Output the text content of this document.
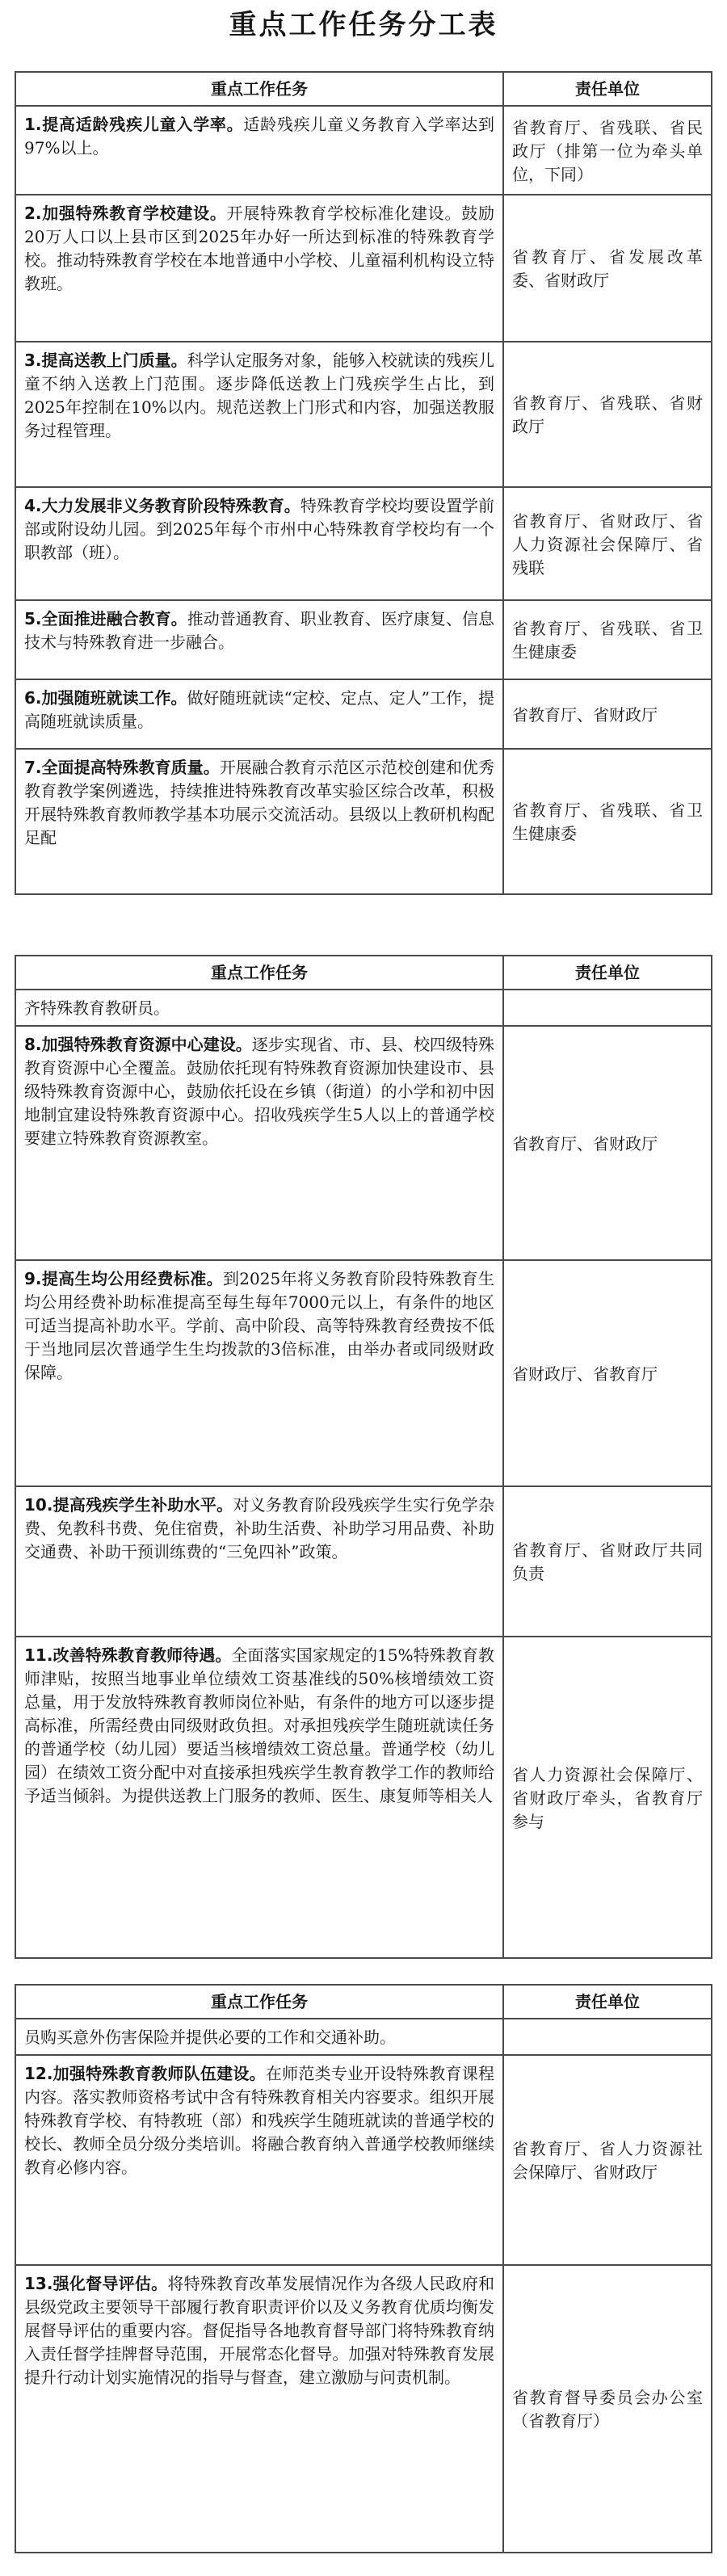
重点工作任务分工表
重点工作任务	责任单位
1.提高适龄残疾儿童入学率。适龄残疾儿童义务教育入学率达到97%以上。	省教育厅、省残联、省民政厅（排第一位为牵头单位，下同）
2.加强特殊教育学校建设。开展特殊教育学校标准化建设。鼓励20万人口以上县市区到2025年办好一所达到标准的特殊教育学校。推动特殊教育学校在本地普通中小学校、儿童福利机构设立特教班。	省教育厅、省发展改革委、省财政厅
3.提高送教上门质量。科学认定服务对象，能够入校就读的残疾儿童不纳入送教上门范围。逐步降低送教上门残疾学生占比，到2025年控制在10%以内。规范送教上门形式和内容，加强送教服务过程管理。	省教育厅、省残联、省财政厅
4.大力发展非义务教育阶段特殊教育。特殊教育学校均要设置学前部或附设幼儿园。到2025年每个市州中心特殊教育学校均有一个职教部（班）。	省教育厅、省财政厅、省人力资源社会保障厅、省残联
5.全面推进融合教育。推动普通教育、职业教育、医疗康复、信息技术与特殊教育进一步融合。	省教育厅、省残联、省卫生健康委
6.加强随班就读工作。做好随班就读“定校、定点、定人”工作，提高随班就读质量。	省教育厅、省财政厅
7.全面提高特殊教育质量。开展融合教育示范区示范校创建和优秀教育教学案例遴选，持续推进特殊教育改革实验区综合改革，积极开展特殊教育教师教学基本功展示交流活动。县级以上教研机构配足配	省教育厅、省残联、省卫生健康委
重点工作任务	责任单位
齐特殊教育教研员。	
8.加强特殊教育资源中心建设。逐步实现省、市、县、校四级特殊教育资源中心全覆盖。鼓励依托现有特殊教育资源加快建设市、县级特殊教育资源中心，鼓励依托设在乡镇（街道）的小学和初中因地制宜建设特殊教育资源中心。招收残疾学生5人以上的普通学校要建立特殊教育资源教室。	省教育厅、省财政厅
9.提高生均公用经费标准。到2025年将义务教育阶段特殊教育生均公用经费补助标准提高至每生每年7000元以上，有条件的地区可适当提高补助水平。学前、高中阶段、高等特殊教育经费按不低于当地同层次普通学生生均拨款的3倍标准，由举办者或同级财政保障。	省财政厅、省教育厅
10.提高残疾学生补助水平。对义务教育阶段残疾学生实行免学杂费、免教科书费、免住宿费，补助生活费、补助学习用品费、补助交通费、补助干预训练费的“三免四补”政策。	省教育厅、省财政厅共同负责
11.改善特殊教育教师待遇。全面落实国家规定的15%特殊教育教师津贴，按照当地事业单位绩效工资基准线的50%核增绩效工资总量，用于发放特殊教育教师岗位补贴，有条件的地方可以逐步提高标准，所需经费由同级财政负担。对承担残疾学生随班就读任务的普通学校（幼儿园）要适当核增绩效工资总量。普通学校（幼儿园）在绩效工资分配中对直接承担残疾学生教育教学工作的教师给予适当倾斜。为提供送教上门服务的教师、医生、康复师等相关人	省人力资源社会保障厅、省财政厅牵头，省教育厅参与
重点工作任务	责任单位
员购买意外伤害保险并提供必要的工作和交通补助。	
12.加强特殊教育教师队伍建设。在师范类专业开设特殊教育课程内容。落实教师资格考试中含有特殊教育相关内容要求。组织开展特殊教育学校、有特教班（部）和残疾学生随班就读的普通学校的校长、教师全员分级分类培训。将融合教育纳入普通学校教师继续教育必修内容。	省教育厅、省人力资源社会保障厅、省财政厅
13.强化督导评估。将特殊教育改革发展情况作为各级人民政府和县级党政主要领导干部履行教育职责评价以及义务教育优质均衡发展督导评估的重要内容。督促指导各地教育督导部门将特殊教育纳入责任督学挂牌督导范围，开展常态化督导。加强对特殊教育发展提升行动计划实施情况的指导与督查，建立激励与问责机制。	省教育督导委员会办公室（省教育厅）
